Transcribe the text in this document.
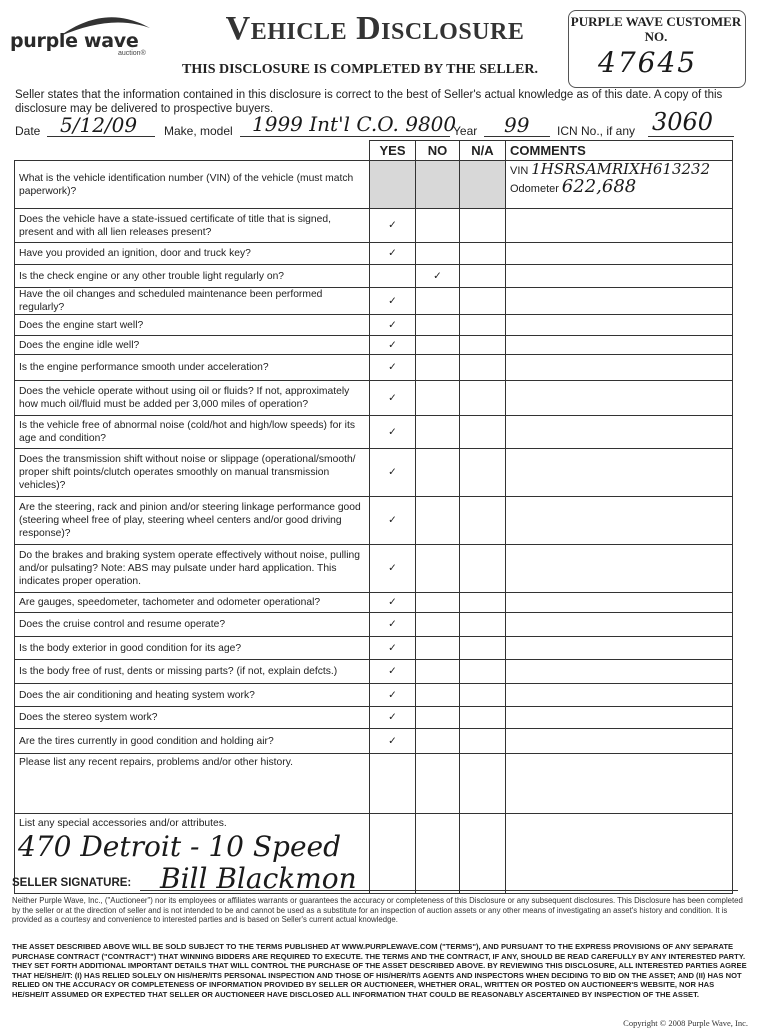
purple wave
auction®
Vehicle Disclosure
THIS DISCLOSURE IS COMPLETED BY THE SELLER.
PURPLE WAVE CUSTOMER NO.
47645
Seller states that the information contained in this disclosure is correct to the best of Seller's actual knowledge as of this date. A copy of this disclosure may be delivered to prospective buyers.
Date 5/12/09 Make, model 1999 Int'l C.O. 9800
Year 99 ICN No., if any 3060
	YES	NO	N/A	COMMENTS
What is the vehicle identification number (VIN) of the vehicle (must match paperwork)?				VIN 1HSRSAMRIXH613232
Odometer 622,688

Does the vehicle have a state-issued certificate of title that is signed, present and with all lien releases present?	✓			
Have you provided an ignition, door and truck key?	✓			
Is the check engine or any other trouble light regularly on?		✓		
Have the oil changes and scheduled maintenance been performed regularly?	✓			
Does the engine start well?	✓			
Does the engine idle well?	✓			
Is the engine performance smooth under acceleration?	✓			
Does the vehicle operate without using oil or fluids? If not, approximately how much oil/fluid must be added per 3,000 miles of operation?	✓			
Is the vehicle free of abnormal noise (cold/hot and high/low speeds) for its age and condition?	✓			
Does the transmission shift without noise or slippage (operational/smooth/ proper shift points/clutch operates smoothly on manual transmission vehicles)?	✓			
Are the steering, rack and pinion and/or steering linkage performance good (steering wheel free of play, steering wheel centers and/or good driving response)?	✓			
Do the brakes and braking system operate effectively without noise, pulling and/or pulsating? Note: ABS may pulsate under hard application. This indicates proper operation.	✓			
Are gauges, speedometer, tachometer and odometer operational?	✓			
Does the cruise control and resume operate?	✓			
Is the body exterior in good condition for its age?	✓			
Is the body free of rust, dents or missing parts? (if not, explain defcts.)	✓			
Does the air conditioning and heating system work?	✓			
Does the stereo system work?	✓			
Are the tires currently in good condition and holding air?	✓			
Please list any recent repairs, problems and/or other history.				
List any special accessories and/or attributes.				
470 Detroit - 10 Speed
SELLER SIGNATURE: Bill Blackmon
Neither Purple Wave, Inc., ("Auctioneer") nor its employees or affiliates warrants or guarantees the accuracy or completeness of this Disclosure or any subsequent disclosures. This Disclosure has been completed by the seller or at the direction of seller and is not intended to be and cannot be used as a substitute for an inspection of auction assets or any other means of investigating an asset's history and condition. It is provided as a courtesy and convenience to interested parties and is based on Seller's current actual knowledge.
THE ASSET DESCRIBED ABOVE WILL BE SOLD SUBJECT TO THE TERMS PUBLISHED AT WWW.PURPLEWAVE.COM ("TERMS"), AND PURSUANT TO THE EXPRESS PROVISIONS OF ANY SEPARATE PURCHASE CONTRACT ("CONTRACT") THAT WINNING BIDDERS ARE REQUIRED TO EXECUTE. THE TERMS AND THE CONTRACT, IF ANY, SHOULD BE READ CAREFULLY BY ANY INTERESTED PARTY. THEY SET FORTH ADDITIONAL IMPORTANT DETAILS THAT WILL CONTROL THE PURCHASE OF THE ASSET DESCRIBED ABOVE. BY REVIEWING THIS DISCLOSURE, ALL INTERESTED PARTIES AGREE THAT HE/SHE/IT: (I) HAS RELIED SOLELY ON HIS/HER/ITS PERSONAL INSPECTION AND THOSE OF HIS/HER/ITS AGENTS AND INSPECTORS WHEN DECIDING TO BID ON THE ASSET; AND (II) HAS NOT RELIED ON THE ACCURACY OR COMPLETENESS OF INFORMATION PROVIDED BY SELLER OR AUCTIONEER, WHETHER ORAL, WRITTEN OR POSTED ON AUCTIONEER'S WEBSITE, NOR HAS HE/SHE/IT ASSUMED OR EXPECTED THAT SELLER OR AUCTIONEER HAVE DISCLOSED ALL INFORMATION THAT COULD BE REASONABLY ASCERTAINED BY INSPECTION OF THE ASSET.
Copyright © 2008 Purple Wave, Inc.
